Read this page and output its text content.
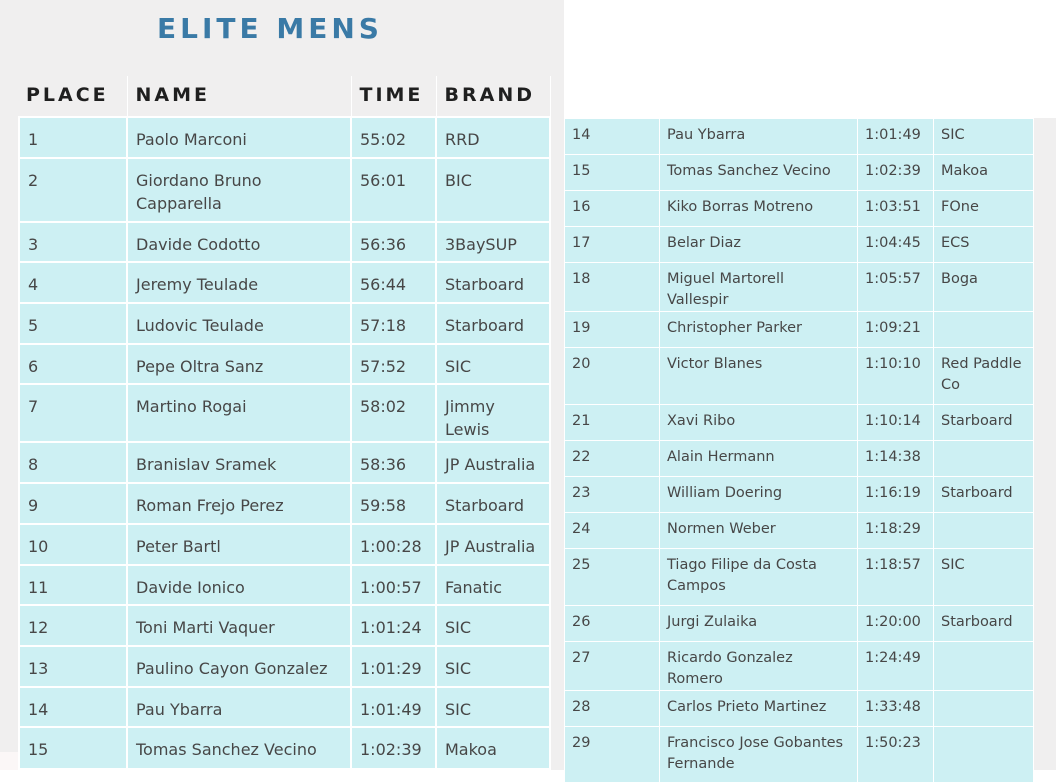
ELITE MENS
PLACE	NAME	TIME	BRAND
1	Paolo Marconi	55:02	RRD
2	Giordano Bruno Capparella	56:01	BIC
3	Davide Codotto	56:36	3BaySUP
4	Jeremy Teulade	56:44	Starboard
5	Ludovic Teulade	57:18	Starboard
6	Pepe Oltra Sanz	57:52	SIC
7	Martino Rogai	58:02	Jimmy Lewis
8	Branislav Sramek	58:36	JP Australia
9	Roman Frejo Perez	59:58	Starboard
10	Peter Bartl	1:00:28	JP Australia
11	Davide Ionico	1:00:57	Fanatic
12	Toni Marti Vaquer	1:01:24	SIC
13	Paulino Cayon Gonzalez	1:01:29	SIC
14	Pau Ybarra	1:01:49	SIC
15	Tomas Sanchez Vecino	1:02:39	Makoa
14	Pau Ybarra	1:01:49	SIC
15	Tomas Sanchez Vecino	1:02:39	Makoa
16	Kiko Borras Motreno	1:03:51	FOne
17	Belar Diaz	1:04:45	ECS
18	Miguel Martorell Vallespir	1:05:57	Boga
19	Christopher Parker	1:09:21	
20	Victor Blanes	1:10:10	Red Paddle Co
21	Xavi Ribo	1:10:14	Starboard
22	Alain Hermann	1:14:38	
23	William Doering	1:16:19	Starboard
24	Normen Weber	1:18:29	
25	Tiago Filipe da Costa Campos	1:18:57	SIC
26	Jurgi Zulaika	1:20:00	Starboard
27	Ricardo Gonzalez Romero	1:24:49	
28	Carlos Prieto Martinez	1:33:48	
29	Francisco Jose Gobantes Fernande	1:50:23	
